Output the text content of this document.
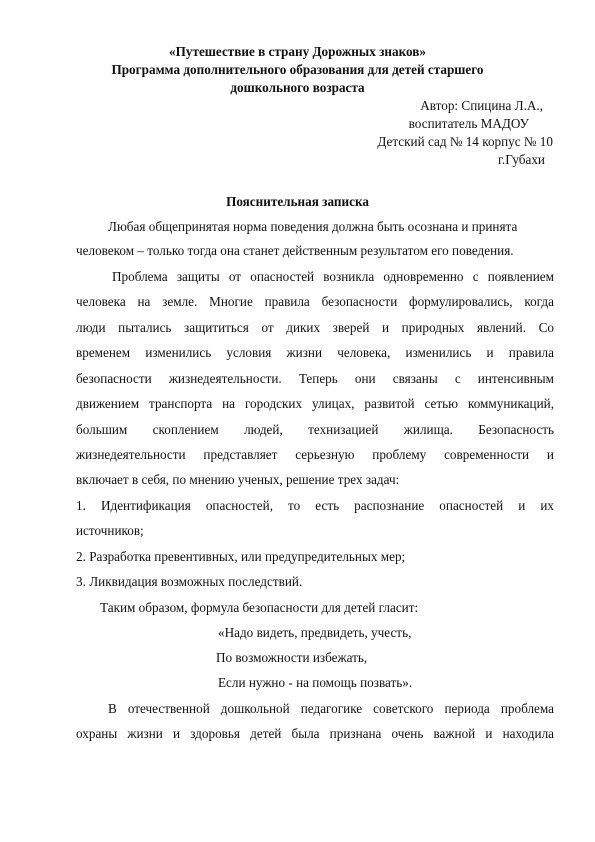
«Путешествие в страну Дорожных знаков»
Программа дополнительного образования для детей старшего
дошкольного возраста
Автор: Спицина Л.А.,
воспитатель МАДОУ
Детский сад № 14 корпус № 10
г.Губахи
Пояснительная записка
Любая общепринятая норма поведения должна быть осознана и принята
человеком – только тогда она станет действенным результатом его поведения.
Проблема защиты от опасностей возникла одновременно с появлением
человека на земле. Многие правила безопасности формулировались, когда
люди пытались защититься от диких зверей и природных явлений. Со
временем изменились условия жизни человека, изменились и правила
безопасности жизнедеятельности. Теперь они связаны с интенсивным
движением транспорта на городских улицах, развитой сетью коммуникаций,
большим скоплением людей, технизацией жилища. Безопасность
жизнедеятельности представляет серьезную проблему современности и
включает в себя, по мнению ученых, решение трех задач:
1. Идентификация опасностей, то есть распознание опасностей и их
источников;
2. Разработка превентивных, или предупредительных мер;
3. Ликвидация возможных последствий.
Таким образом, формула безопасности для детей гласит:
«Надо видеть, предвидеть, учесть,
По возможности избежать,
Если нужно - на помощь позвать».
В отечественной дошкольной педагогике советского периода проблема
охраны жизни и здоровья детей была признана очень важной и находила
